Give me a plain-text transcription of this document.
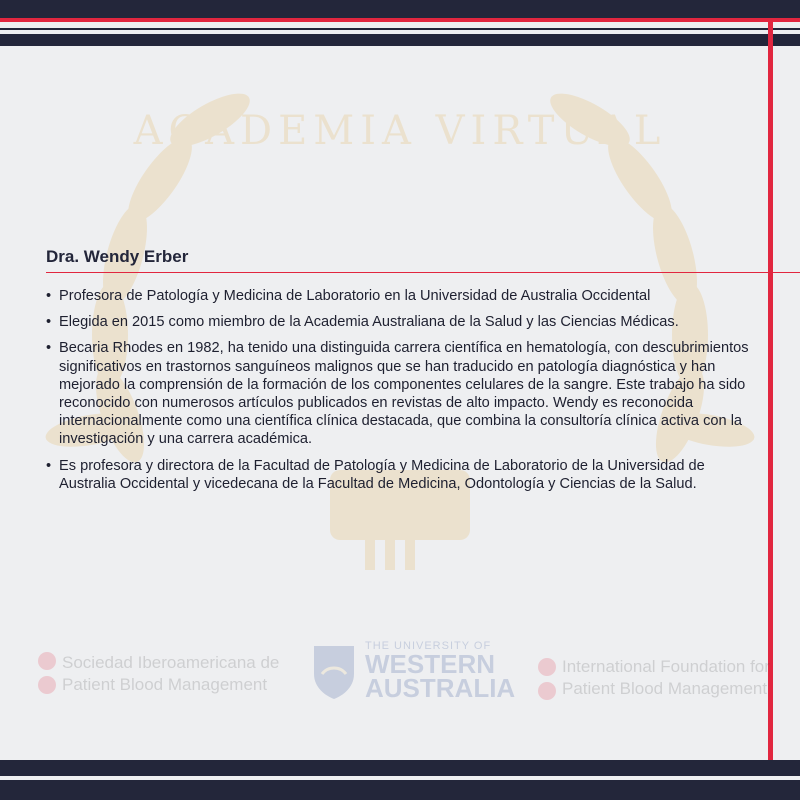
ACADEMIA VIRTUAL
Sociedad Iberoamericana de
Patient Blood Management
THE UNIVERSITY OF
WESTERN
AUSTRALIA
International Foundation for
Patient Blood Management
Dra. Wendy Erber
• Profesora de Patología y Medicina de Laboratorio en la Universidad de Australia Occidental
• Elegida en 2015 como miembro de la Academia Australiana de la Salud y las Ciencias Médicas.
• Becaria Rhodes en 1982, ha tenido una distinguida carrera científica en hematología, con descubrimientos significativos en trastornos sanguíneos malignos que se han traducido en patología diagnóstica y han mejorado la comprensión de la formación de los componentes celulares de la sangre. Este trabajo ha sido reconocido con numerosos artículos publicados en revistas de alto impacto. Wendy es reconocida internacionalmente como una científica clínica destacada, que combina la consultoría clínica activa con la investigación y una carrera académica.
• Es profesora y directora de la Facultad de Patología y Medicina de Laboratorio de la Universidad de Australia Occidental y vicedecana de la Facultad de Medicina, Odontología y Ciencias de la Salud.
